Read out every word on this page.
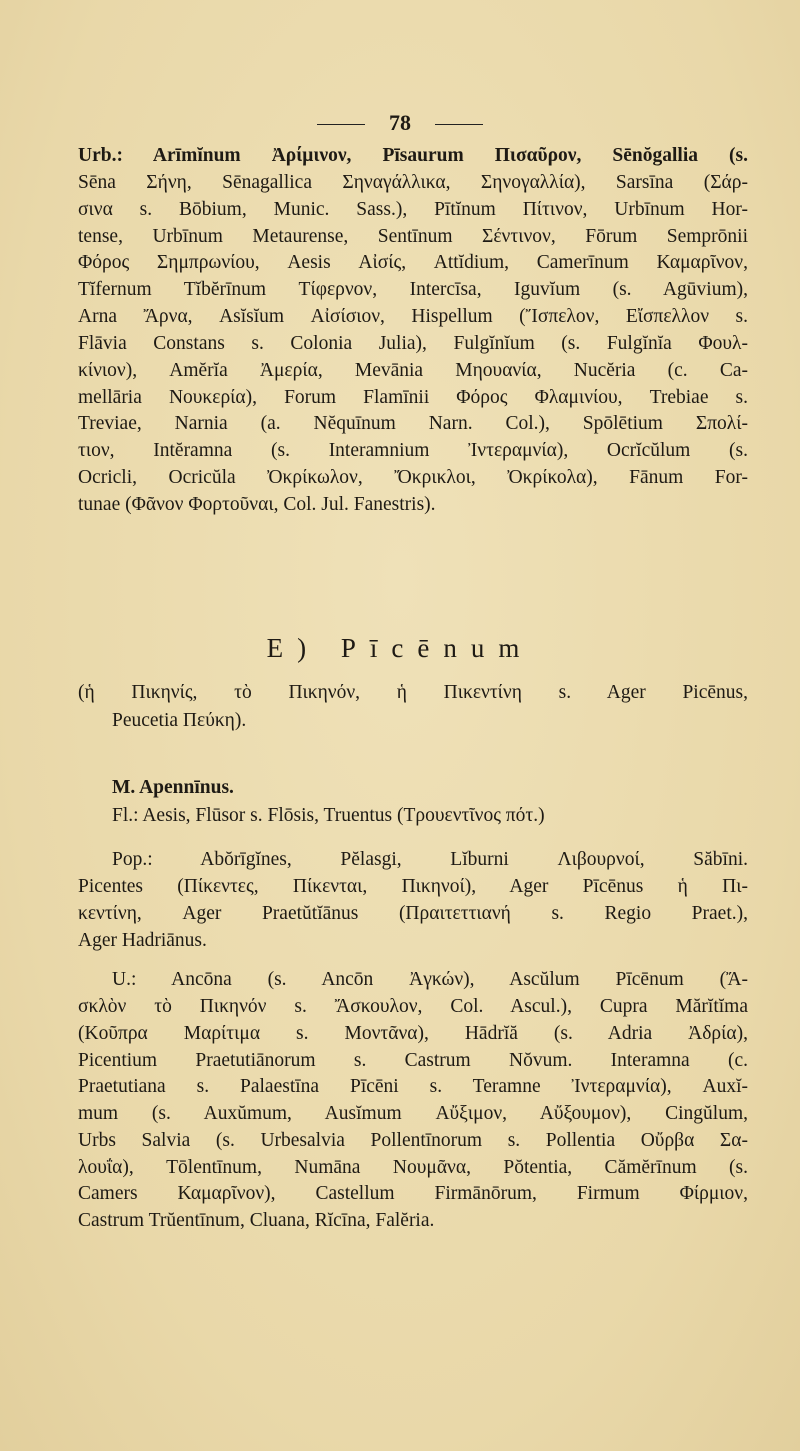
78
Urb.: Arīmĭnum Ἀρίμινον, Pīsaurum Πισαῦρον, Sēnŏgallia (s.
Sēna Σήνη, Sēnagallica Σηναγάλλικα, Σηνογαλλία), Sarsīna (Σάρ-
σινα s. Bōbium, Munic. Sass.), Pītĭnum Πίτινον, Urbīnum Hor-
tense, Urbīnum Metaurense, Sentīnum Σέντινον, Fōrum Semprōnii
Φόρος Σημπρωνίου, Aesis Αἰσίς, Attĭdium, Camerīnum Καμαρῖνον,
Tĭfernum Tĭbĕrīnum Τίφερνον, Intercīsa, Iguvĭum (s. Agūvium),
Arna Ἄρνα, Asĭsĭum Αἰσίσιον, Hispellum (Ἴσπελον, Εἴσπελλον s.
Flāvia Constans s. Colonia Julia), Fulgĭnĭum (s. Fulgĭnĭa Φουλ-
κίνιον), Amĕrĭa Ἀμερία, Mevānia Μηουανία, Nucĕria (c. Ca-
mellāria Νουκερία), Forum Flamīnii Φόρος Φλαμινίου, Trebiae s.
Treviae, Narnia (a. Nĕquīnum Narn. Col.), Spōlētium Σπολί-
τιον, Intĕramna (s. Interamnium Ἰντεραμνία), Ocrĭcŭlum (s.
Ocricli, Ocricŭla Ὀκρίκωλον, Ὄκρικλοι, Ὀκρίκολα), Fānum For-
tunae (Φᾶνον Φορτοῦναι, Col. Jul. Fanestris).
E) Pīcēnum
(ἡ Πικηνίς, τὸ Πικηνόν, ἡ Πικεντίνη s. Ager Picēnus,
Peucetia Πεύκη).
M. Apennīnus.
Fl.: Aesis, Flūsor s. Flōsis, Truentus (Τρουεντῖνος πότ.)
Pop.: Abŏrīgĭnes, Pĕlasgi, Lĭburni Λιβουρνοί, Săbīni.
Picentes (Πίκεντες, Πίκενται, Πικηνοί), Ager Pīcēnus ἡ Πι-
κεντίνη, Ager Praetŭtĭānus (Πραιτεττιανή s. Regio Praet.),
Ager Hadriānus.
U.: Ancōna (s. Ancōn Ἀγκών), Ascŭlum Pīcēnum (Ἄ-
σκλὸν τὸ Πικηνόν s. Ἄσκουλον, Col. Ascul.), Cupra Mărĭtĭma
(Κοῦπρα Μαρίτιμα s. Μοντᾶνα), Hādrĭă (s. Adria Ἀδρία),
Picentium Praetutiānorum s. Castrum Nŏvum. Interamna (c.
Praetutiana s. Palaestīna Pīcēni s. Teramne Ἰντεραμνία), Auxĭ-
mum (s. Auxŭmum, Ausĭmum Αὔξιμον, Αὔξουμον), Cingŭlum,
Urbs Salvia (s. Urbesalvia Pollentīnorum s. Pollentia Οὔρβα Σα-
λουΐα), Tōlentīnum, Numāna Νουμᾶνα, Pŏtentia, Cămĕrīnum (s.
Camers Καμαρῖνον), Castellum Firmānōrum, Firmum Φίρμιον,
Castrum Trŭentīnum, Cluana, Rĭcīna, Falĕria.
